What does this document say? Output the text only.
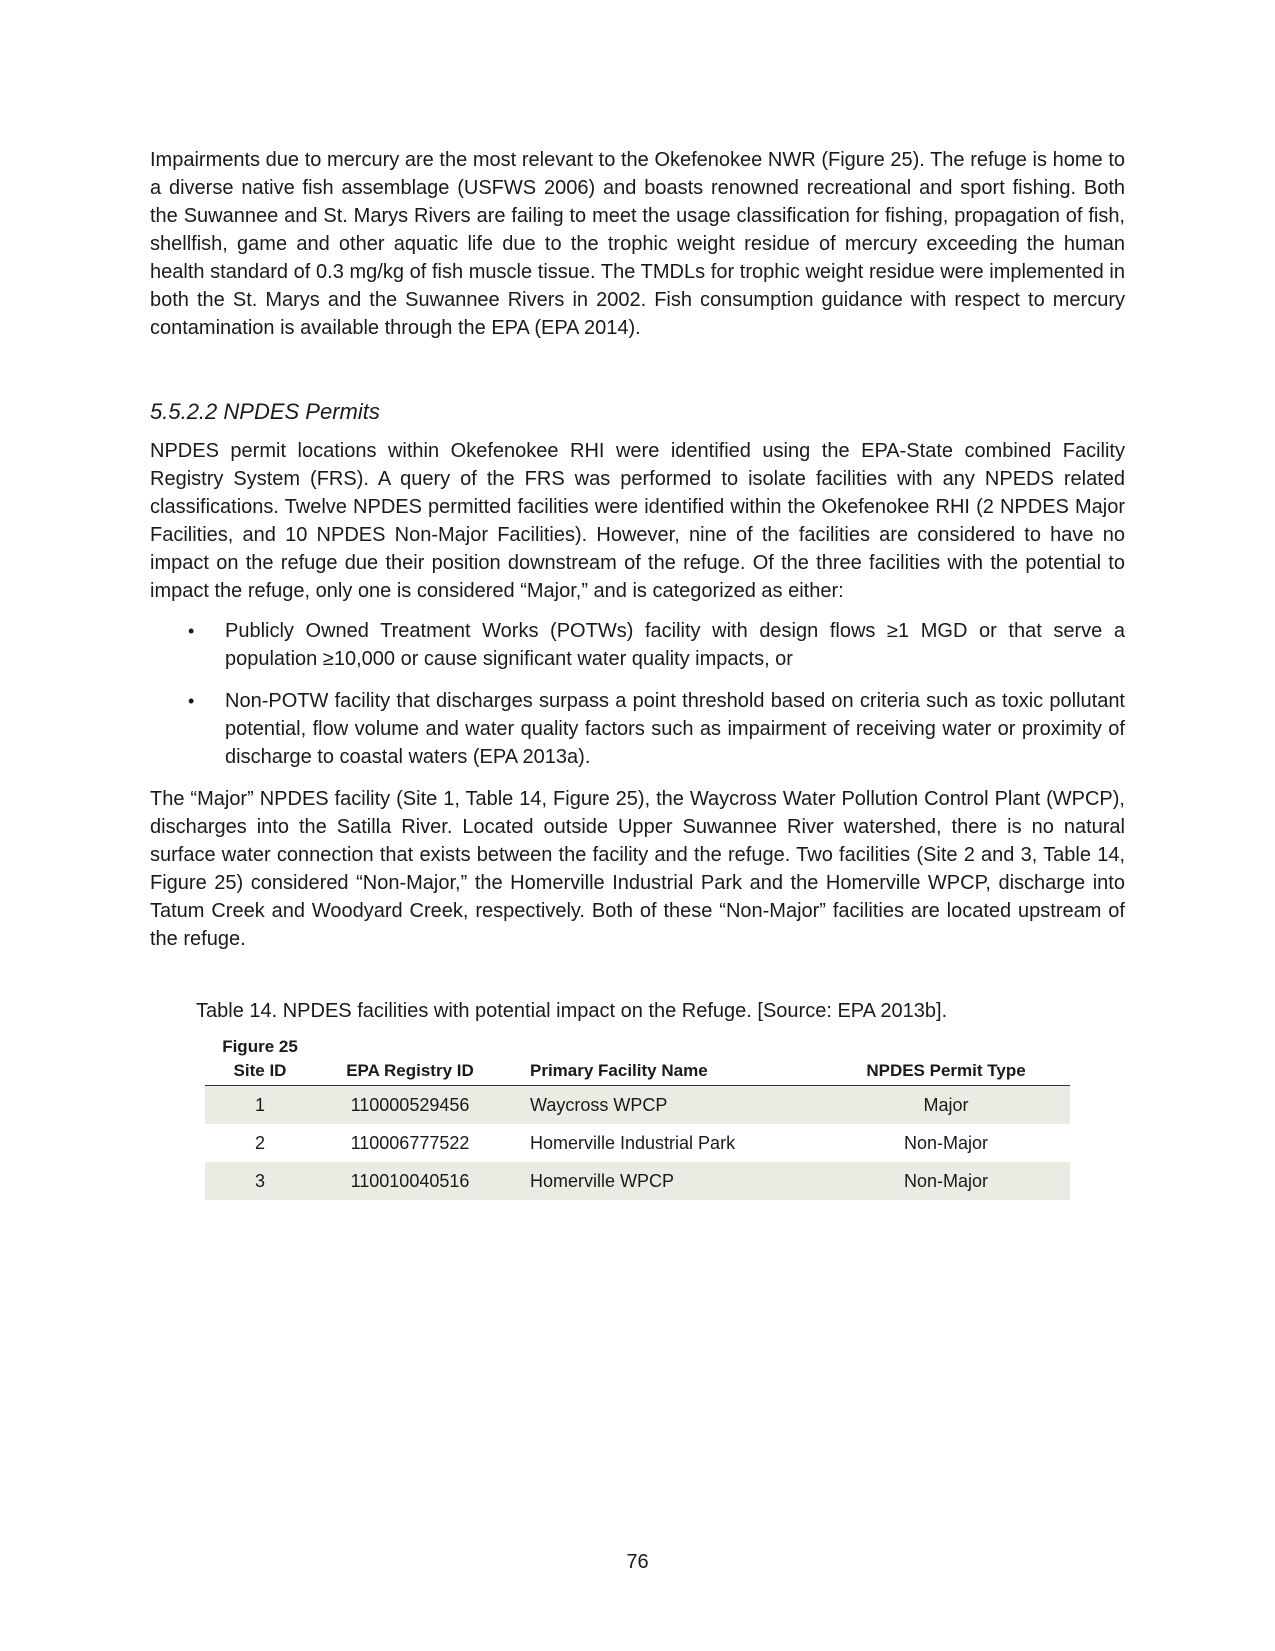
Impairments due to mercury are the most relevant to the Okefenokee NWR (Figure 25). The refuge is home to a diverse native fish assemblage (USFWS 2006) and boasts renowned recreational and sport fishing. Both the Suwannee and St. Marys Rivers are failing to meet the usage classification for fishing, propagation of fish, shellfish, game and other aquatic life due to the trophic weight residue of mercury exceeding the human health standard of 0.3 mg/kg of fish muscle tissue. The TMDLs for trophic weight residue were implemented in both the St. Marys and the Suwannee Rivers in 2002. Fish consumption guidance with respect to mercury contamination is available through the EPA (EPA 2014).

5.5.2.2 NPDES Permits

NPDES permit locations within Okefenokee RHI were identified using the EPA-State combined Facility Registry System (FRS). A query of the FRS was performed to isolate facilities with any NPEDS related classifications. Twelve NPDES permitted facilities were identified within the Okefenokee RHI (2 NPDES Major Facilities, and 10 NPDES Non-Major Facilities). However, nine of the facilities are considered to have no impact on the refuge due their position downstream of the refuge. Of the three facilities with the potential to impact the refuge, only one is considered “Major,” and is categorized as either:

• Publicly Owned Treatment Works (POTWs) facility with design flows ≥1 MGD or that serve a population ≥10,000 or cause significant water quality impacts, or
• Non-POTW facility that discharges surpass a point threshold based on criteria such as toxic pollutant potential, flow volume and water quality factors such as impairment of receiving water or proximity of discharge to coastal waters (EPA 2013a).

The “Major” NPDES facility (Site 1, Table 14, Figure 25), the Waycross Water Pollution Control Plant (WPCP), discharges into the Satilla River. Located outside Upper Suwannee River watershed, there is no natural surface water connection that exists between the facility and the refuge. Two facilities (Site 2 and 3, Table 14, Figure 25) considered “Non-Major,” the Homerville Industrial Park and the Homerville WPCP, discharge into Tatum Creek and Woodyard Creek, respectively. Both of these “Non-Major” facilities are located upstream of the refuge.

Table 14. NPDES facilities with potential impact on the Refuge. [Source: EPA 2013b].

Figure 25
Site ID	EPA Registry ID	Primary Facility Name	NPDES Permit Type
1	110000529456	Waycross WPCP	Major
2	110006777522	Homerville Industrial Park	Non-Major
3	110010040516	Homerville WPCP	Non-Major
76
